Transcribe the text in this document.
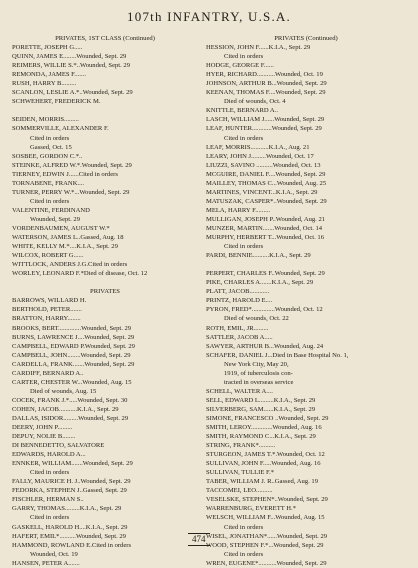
107th INFANTRY, U.S.A.
PRIVATES, 1ST CLASS (Continued)
PORETTE, JOSEPH G.....
QUINN, JAMES E........Wounded, Sept. 29
REIMERS, WILLIE S.*..Wounded, Sept. 29
REMONDA, JAMES F.......
RUSH, HARRY B.........
SCANLON, LESLIE A.*..Wounded, Sept. 29
SCHWEHERT, FREDERICK M.
SEIDEN, MORRIS.........
SOMMERVILLE, ALEXANDER F.
Cited in orders
Gassed, Oct. 15
SOSBEE, GORDON C.*..
STEINKE, ALFRED W.*.Wounded, Sept. 29
TIERNEY, EDWIN J......Cited in orders
TORNABENE, FRANK....
TURNER, PERRY W.*...Wounded, Sept. 29
Cited in orders
VALENTINE, FERDINAND
Wounded, Sept. 29
VORDENBAUMEN, AUGUST W.*
WATERSON, JAMES L..Gassed, Aug. 18
WHITE, KELLY M.*....K.I.A., Sept. 29
WILCOX, ROBERT G......
WITTLOCK, ANDERS J.G.Cited in orders
WORLEY, LEONARD F.*Died of disease, Oct. 12
PRIVATES
BARROWS, WILLARD H.
BERTHOLD, PETER.......
BRATTON, HARRY........
BROOKS, BERT..............Wounded, Sept. 29
BURNS, LAWRENCE J....Wounded, Sept. 29
CAMPBELL, EDWARD P.Wounded, Sept. 29
CAMPBELL, JOHN........Wounded, Sept. 29
CARDELLA, FRANK.......Wounded, Sept. 29
CARDIFF, BERNARD A..
CARTER, CHESTER W...Wounded, Aug. 15
Died of wounds, Aug. 15
COCEK, FRANK J.*.....Wounded, Sept. 30
COHEN, JACOB...........K.I.A., Sept. 29
DALLAS, ISIDOR.........Wounded, Sept. 29
DEERY, JOHN P.........
DEPUY, NOLIE B........
DI BENNEDETTO, SALVATORE
EDWARDS, HAROLD A...
ENNKER, WILLIAM.......Wounded, Sept. 29
Cited in orders
FALLY, MAURICE H. J..Wounded, Sept. 29
FEDORKA, STEPHEN J..Gassed, Sept. 29
FISCHLER, HERMAN S..
GARRY, THOMAS.........K.I.A., Sept. 29
Cited in orders
GASKELL, HAROLD H....K.I.A., Sept. 29
HAFERT, EMIL*..........Wounded, Sept. 29
HAMMOND, ROWLAND E.Cited in orders
Wounded, Oct. 19
HANSEN, PETER A.......
PRIVATES (Continued)
HESSION, JOHN F......K.I.A., Sept. 29
Cited in orders
HODGE, GEORGE F......
HYER, RICHARD...........Wounded, Oct. 19
JOHNSON, ARTHUR B...Wounded, Sept. 29
KEENAN, THOMAS F....Wounded, Sept. 29
Died of wounds, Oct. 4
KNITTLE, BERNARD A..
LASCH, WILLIAM J......Wounded, Sept. 29
LEAF, HUNTER............Wounded, Sept. 29
Cited in orders
LEAF, MORRIS...........K.I.A., Aug. 21
LEARY, JOHN J.........Wounded, Oct. 17
LIUZZI, SAVINO ..........Wounded, Oct. 13
MCGUIRE, DANIEL F....Wounded, Sept. 29
MAILLEY, THOMAS C...Wounded, Aug. 25
MARTINES, VINCENT...K.I.A., Sept. 29
MATUSZAK, CASPER*..Wounded, Sept. 29
MELA, HARRY F.........
MULLIGAN, JOSEPH P..Wounded, Aug. 21
MUNZER, MARTIN.......Wounded, Oct. 14
MURPHY, HERBERT T...Wounded, Oct. 16
Cited in orders
PARDI, BENNIE..........K.I.A., Sept. 29
PERPERT, CHARLES F..Wounded, Sept. 29
PIKE, CHARLES A.......K.I.A., Sept. 29
PLATT, JACOB............
PRINTZ, HAROLD E....
PYRON, FRED*..............Wounded, Oct. 12
Died of wounds, Oct. 22
ROTH, EMIL, JR.........
SATTLER, JACOB A.....
SAWYER, ARTHUR B...Wounded, Aug. 24
SCHAFER, DANIEL J...Died in Base Hospital No. 1,
New York City, May 20,
1919, of tuberculosis con-
tracted in overseas service
SCHELL, WALTER A....
SELL, EDWARD L.........K.I.A., Sept. 29
SILVERBERG, SAM......K.I.A., Sept. 29
SIMONE, FRANCESCO ..Wounded, Sept. 29
SMITH, LEROY.............Wounded, Aug. 16
SMITH, RAYMOND C...K.I.A., Sept. 29
STRING, FRANK*..........
STURGEON, JAMES T.*.Wounded, Oct. 12
SULLIVAN, JOHN F.....Wounded, Aug. 16
SULLIVAN, TULLIE F.*
TABER, WILLIAM J. R..Gassed, Aug. 19
TACCOMEI, LEO..........
VESELSKE, STEPHEN*..Wounded, Sept. 29
WARRENBURG, EVERETT H.*
WELSCH, WILLIAM F...Wounded, Aug. 15
Cited in orders
WISEL, JONATHAN*......Wounded, Sept. 29
WOOD, STEPHEN F.*...Wounded, Sept. 29
Cited in orders
WREN, EUGENE*...........Wounded, Sept. 29
474
